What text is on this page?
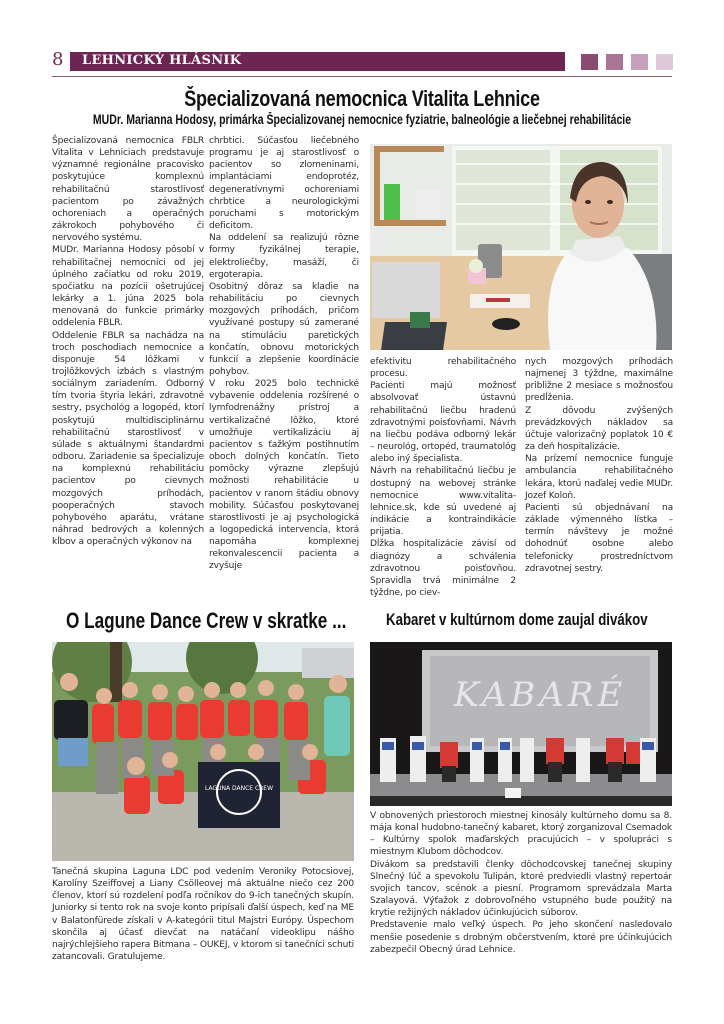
8 LEHNICKÝ HLÁSNIK
Špecializovaná nemocnica Vitalita Lehnice
MUDr. Marianna Hodosy, primárka Špecializovanej nemocnice fyziatrie, balneológie a liečebnej rehabilitácie

Špecializovaná nemocnica FBLR Vitalita v Lehniciach predstavuje významné regionálne pracovisko poskytujúce komplexnú rehabilitačnú starostlivosť pacientom po závažných ochoreniach a operačných zákrokoch pohybového či nervového systému.

MUDr. Marianna Hodosy pôsobí v rehabilitačnej nemocnici od jej úplného začiatku od roku 2019, spočiatku na pozícii ošetrujúcej lekárky a 1. júna 2025 bola menovaná do funkcie primárky oddelenia FBLR.

Oddelenie FBLR sa nachádza na troch poschodiach nemocnice a disponuje 54 lôžkami v trojlôžkových izbách s vlastným sociálnym zariadením. Odborný tím tvoria štyria lekári, zdravotné sestry, psychológ a logopéd, ktorí poskytujú multidisciplinárnu rehabilitačnú starostlivosť v súlade s aktuálnymi štandardmi odboru. Zariadenie sa špecializuje na komplexnú rehabilitáciu pacientov po cievnych mozgových príhodách, pooperačných stavoch pohybového aparátu, vrátane náhrad bedrových a kolenných kĺbov a operačných výkonov na

chrbtici. Súčasťou liečebného programu je aj starostlivosť o pacientov so zlomeninami, implantáciami endoprotéz, degeneratívnymi ochoreniami chrbtice a neurologickými poruchami s motorickým deficitom.

Na oddelení sa realizujú rôzne formy fyzikálnej terapie, elektroliečby, masáží, či ergoterapia.

Osobitný dôraz sa kladie na rehabilitáciu po cievnych mozgových príhodách, pričom využívané postupy sú zamerané na stimuláciu paretických končatín, obnovu motorických funkcií a zlepšenie koordinácie pohybov.

V roku 2025 bolo technické vybavenie oddelenia rozšírené o lymfodrenážny prístroj a vertikalizačné lôžko, ktoré umožňuje vertikalizáciu aj pacientov s ťažkým postihnutím oboch dolných končatín. Tieto pomôcky výrazne zlepšujú možnosti rehabilitácie u pacientov v ranom štádiu obnovy mobility. Súčasťou poskytovanej starostlivosti je aj psychologická a logopedická intervencia, ktorá napomáha komplexnej rekonvalescencii pacienta a zvyšuje

efektivitu rehabilitačného procesu.

Pacienti majú možnosť absolvovať ústavnú rehabilitačnú liečbu hradenú zdravotnými poisťovňami. Návrh na liečbu podáva odborný lekár – neurológ, ortopéd, traumatológ alebo iný špecialista.

Návrh na rehabilitačnú liečbu je dostupný na webovej stránke nemocnice www.vitalita-lehnice.sk, kde sú uvedené aj indikácie a kontraindikácie prijatia.

Dĺžka hospitalizácie závisí od diagnózy a schválenia zdravotnou poisťovňou. Spravidla trvá minimálne 2 týždne, po ciev-

nych mozgových príhodách najmenej 3 týždne, maximálne približne 2 mesiace s možnosťou predĺženia.

Z dôvodu zvýšených prevádzkových nákladov sa účtuje valorizačný poplatok 10 € za deň hospitalizácie.

Na prízemí nemocnice funguje ambulancia rehabilitačného lekára, ktorú naďalej vedie MUDr. Jozef Koloň.

Pacienti sú objednávaní na základe výmenného lístka – termín návštevy je možné dohodnúť osobne alebo telefonicky prostredníctvom zdravotnej sestry.

O Lagune Dance Crew v skratke ...
LAGUNA DANCE CREW

Tanečná skupina Laguna LDC pod vedením Veroniky Potocsiovej, Karolíny Szeiffovej a Liany Csölleovej má aktuálne niečo cez 200 členov, ktorí sú rozdelení podľa ročníkov do 9-ich tanečných skupín. Juniorky si tento rok na svoje konto pripísali ďalší úspech, keď na ME v Balatonfürede získali v A-kategórii titul Majstri Európy. Úspechom skončila aj účasť dievčat na natáčaní videoklipu nášho najrýchlejšieho rapera Bitmana – OUKEJ, v ktorom si tanečníci schuti zatancovali. Gratulujeme.

Kabaret v kultúrnom dome zaujal divákov
KABARÉ

V obnovených priestoroch miestnej kinosály kultúrneho domu sa 8. mája konal hudobno-tanečný kabaret, ktorý zorganizoval Csemadok – Kultúrny spolok maďarských pracujúcich – v spolupráci s miestnym Klubom dôchodcov.

Divákom sa predstavili členky dôchodcovskej tanečnej skupiny Slnečný lúč a spevokolu Tulipán, ktoré predviedli vlastný repertoár svojich tancov, scénok a piesní. Programom sprevádzala Marta Szalayová. Výťažok z dobrovoľného vstupného bude použitý na krytie režijných nákladov účinkujúcich súborov.

Predstavenie malo veľký úspech. Po jeho skončení nasledovalo menšie posedenie s drobným občerstvením, ktoré pre účinkujúcich zabezpečil Obecný úrad Lehnice.
